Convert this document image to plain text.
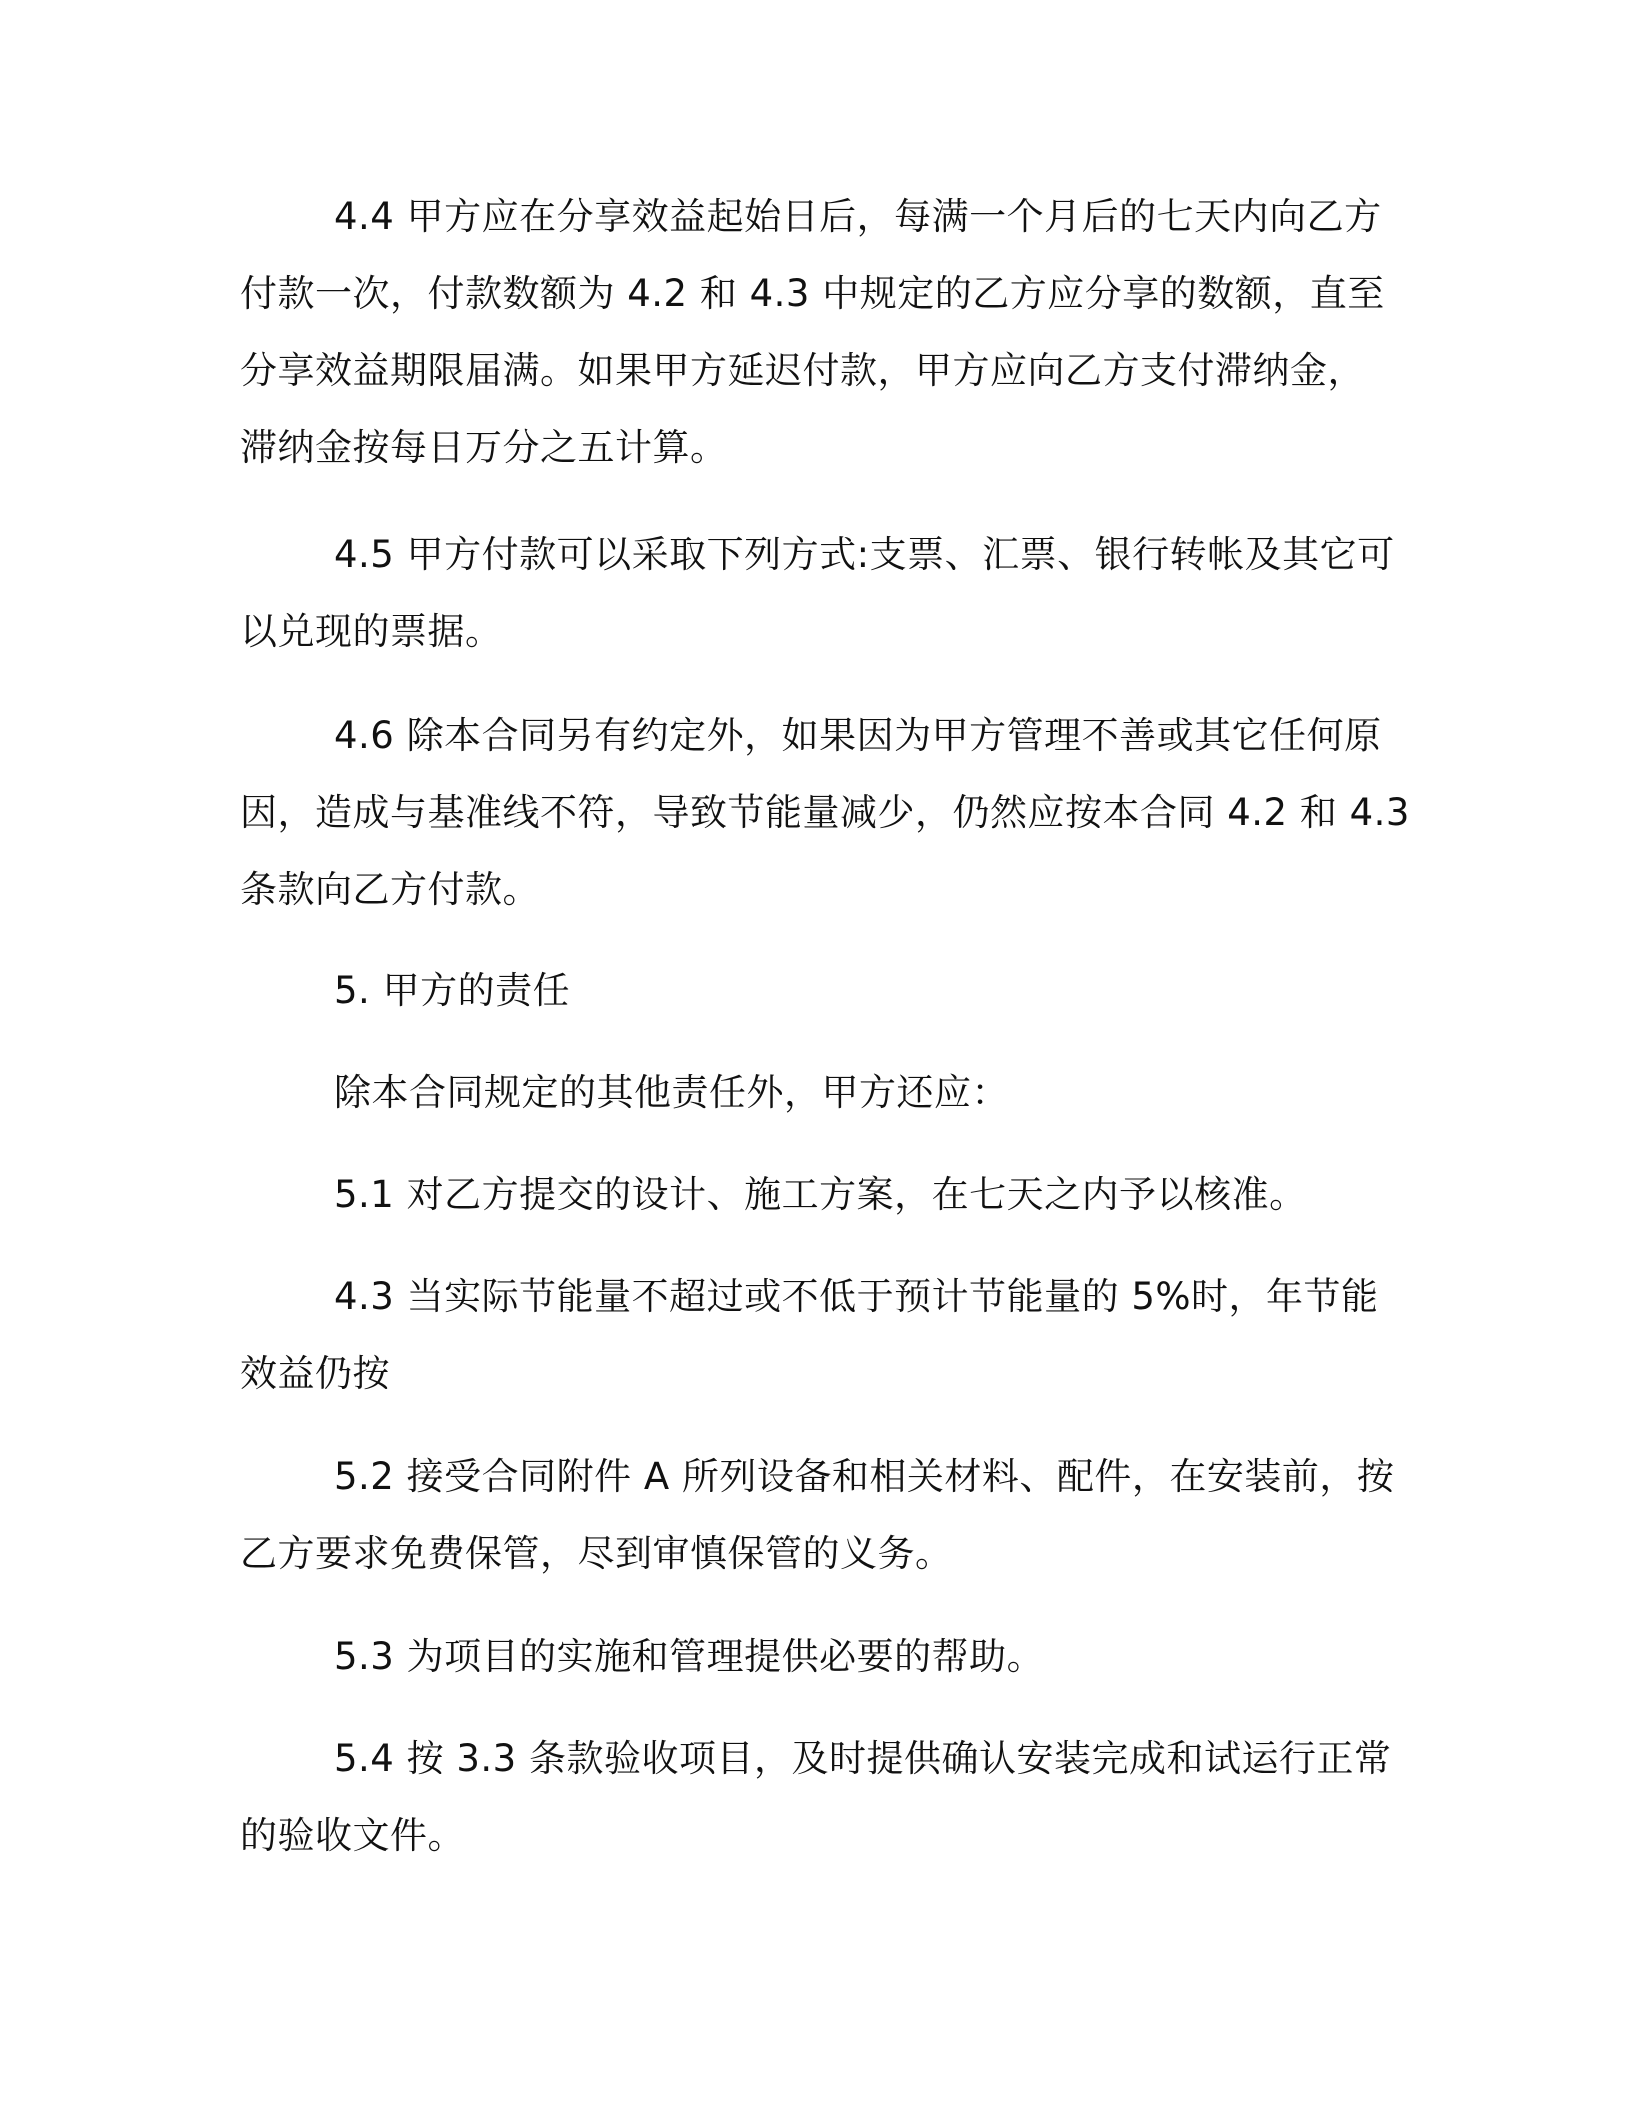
4.4 甲方应在分享效益起始日后，每满一个月后的七天内向乙方
付款一次，付款数额为 4.2 和 4.3 中规定的乙方应分享的数额，直至
分享效益期限届满。如果甲方延迟付款，甲方应向乙方支付滞纳金，
滞纳金按每日万分之五计算。

4.5 甲方付款可以采取下列方式:支票、汇票、银行转帐及其它可
以兑现的票据。

4.6 除本合同另有约定外，如果因为甲方管理不善或其它任何原
因，造成与基准线不符，导致节能量减少，仍然应按本合同 4.2 和 4.3
条款向乙方付款。

5. 甲方的责任

除本合同规定的其他责任外，甲方还应：

5.1 对乙方提交的设计、施工方案，在七天之内予以核准。

4.3 当实际节能量不超过或不低于预计节能量的 5%时，年节能
效益仍按

5.2 接受合同附件 A 所列设备和相关材料、配件，在安装前，按
乙方要求免费保管，尽到审慎保管的义务。

5.3 为项目的实施和管理提供必要的帮助。

5.4 按 3.3 条款验收项目，及时提供确认安装完成和试运行正常
的验收文件。
